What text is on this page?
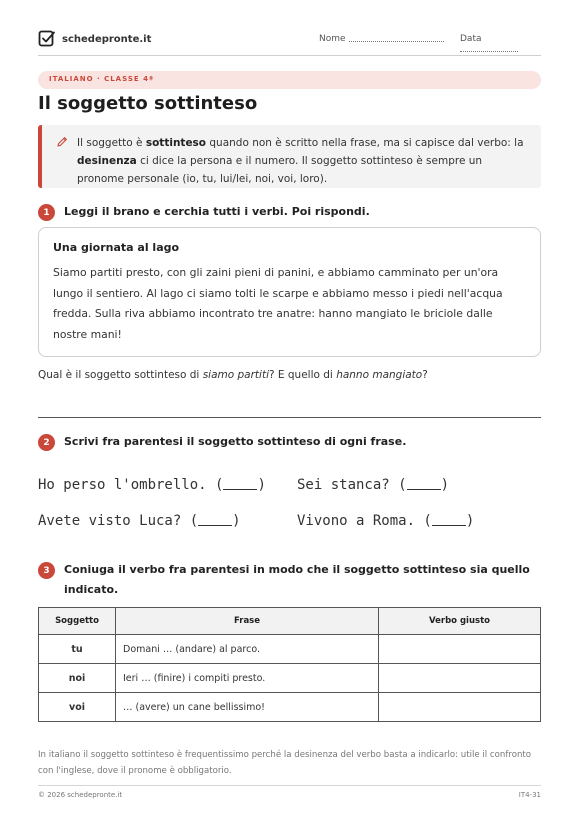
schedepronte.it	Nome	Data
ITALIANO · CLASSE 4ª
Il soggetto sottinteso
Il soggetto è sottinteso quando non è scritto nella frase, ma si capisce dal verbo: la desinenza ci dice la persona e il numero. Il soggetto sottinteso è sempre un pronome personale (io, tu, lui/lei, noi, voi, loro).
1	Leggi il brano e cerchia tutti i verbi. Poi rispondi.
Una giornata al lago
Siamo partiti presto, con gli zaini pieni di panini, e abbiamo camminato per un'ora lungo il sentiero. Al lago ci siamo tolti le scarpe e abbiamo messo i piedi nell'acqua fredda. Sulla riva abbiamo incontrato tre anatre: hanno mangiato le briciole dalle nostre mani!
Qual è il soggetto sottinteso di siamo partiti? E quello di hanno mangiato?
2	Scrivi fra parentesi il soggetto sottinteso di ogni frase.
Ho perso l'ombrello. ( ) Sei stanca? ( )
Avete visto Luca? ( )	Vivono a Roma. ( )
3	Coniuga il verbo fra parentesi in modo che il soggetto sottinteso sia quello indicato.
Soggetto	Frase	Verbo giusto
tu	Domani … (andare) al parco.	
noi	Ieri … (finire) i compiti presto.	
voi	… (avere) un cane bellissimo!	
In italiano il soggetto sottinteso è frequentissimo perché la desinenza del verbo basta a indicarlo: utile il confronto con l'inglese, dove il pronome è obbligatorio.
© 2026 schedepronte.it	IT4-31
